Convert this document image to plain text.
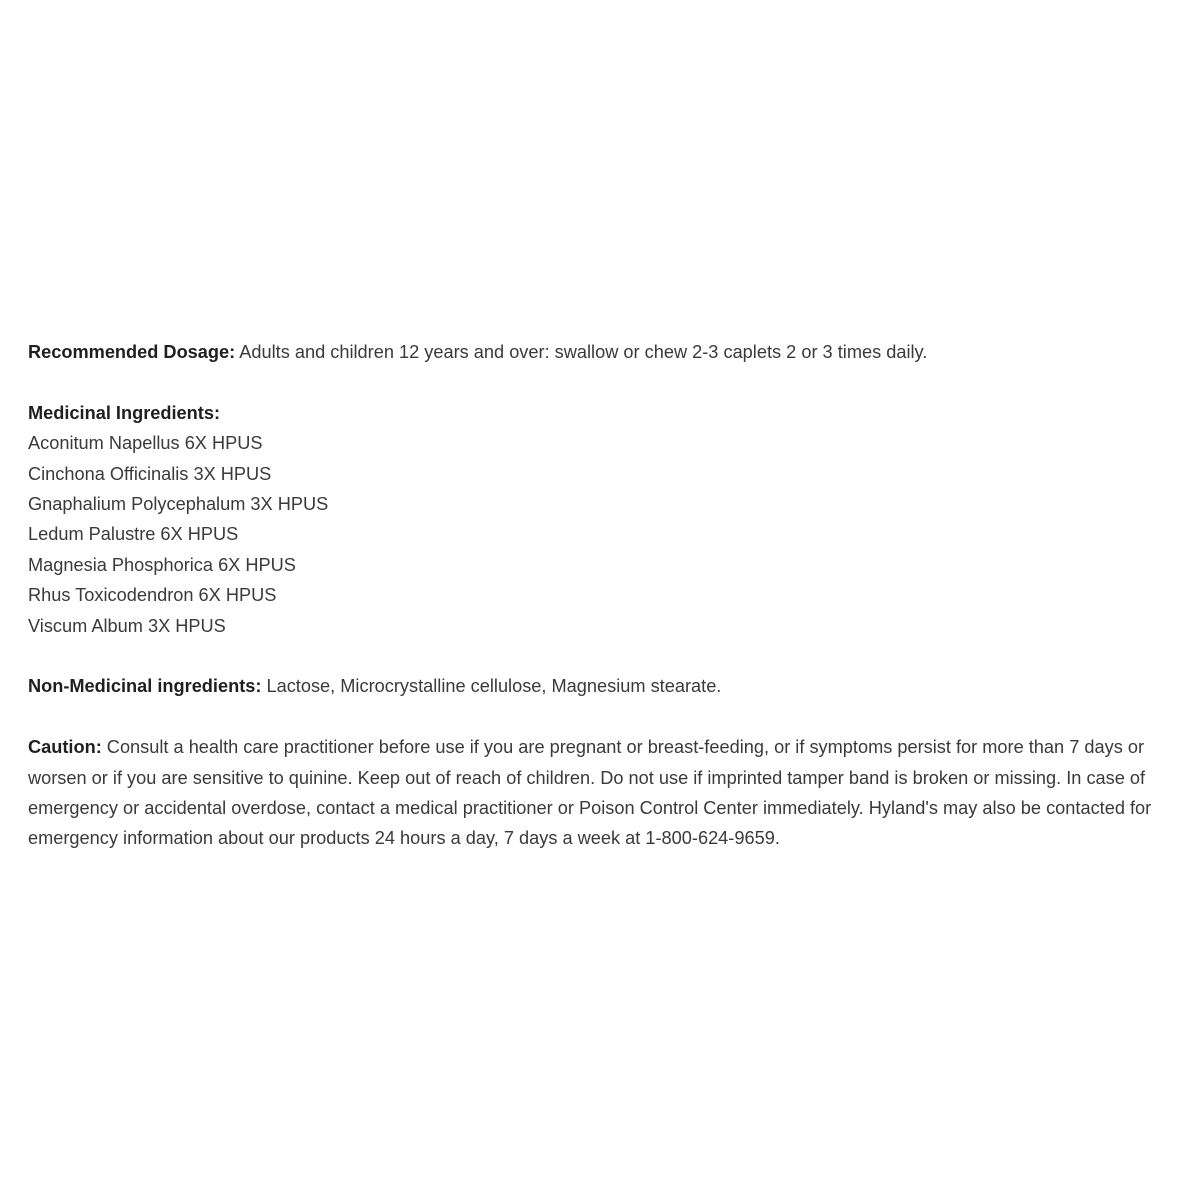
Recommended Dosage: Adults and children 12 years and over: swallow or chew 2-3 caplets 2 or 3 times daily.

Medicinal Ingredients:
Aconitum Napellus 6X HPUS
Cinchona Officinalis 3X HPUS
Gnaphalium Polycephalum 3X HPUS
Ledum Palustre 6X HPUS
Magnesia Phosphorica 6X HPUS
Rhus Toxicodendron 6X HPUS
Viscum Album 3X HPUS

Non-Medicinal ingredients: Lactose, Microcrystalline cellulose, Magnesium stearate.

Caution: Consult a health care practitioner before use if you are pregnant or breast-feeding, or if symptoms persist for more than 7 days or worsen or if you are sensitive to quinine. Keep out of reach of children. Do not use if imprinted tamper band is broken or missing. In case of emergency or accidental overdose, contact a medical practitioner or Poison Control Center immediately. Hyland's may also be contacted for emergency information about our products 24 hours a day, 7 days a week at 1-800-624-9659.
